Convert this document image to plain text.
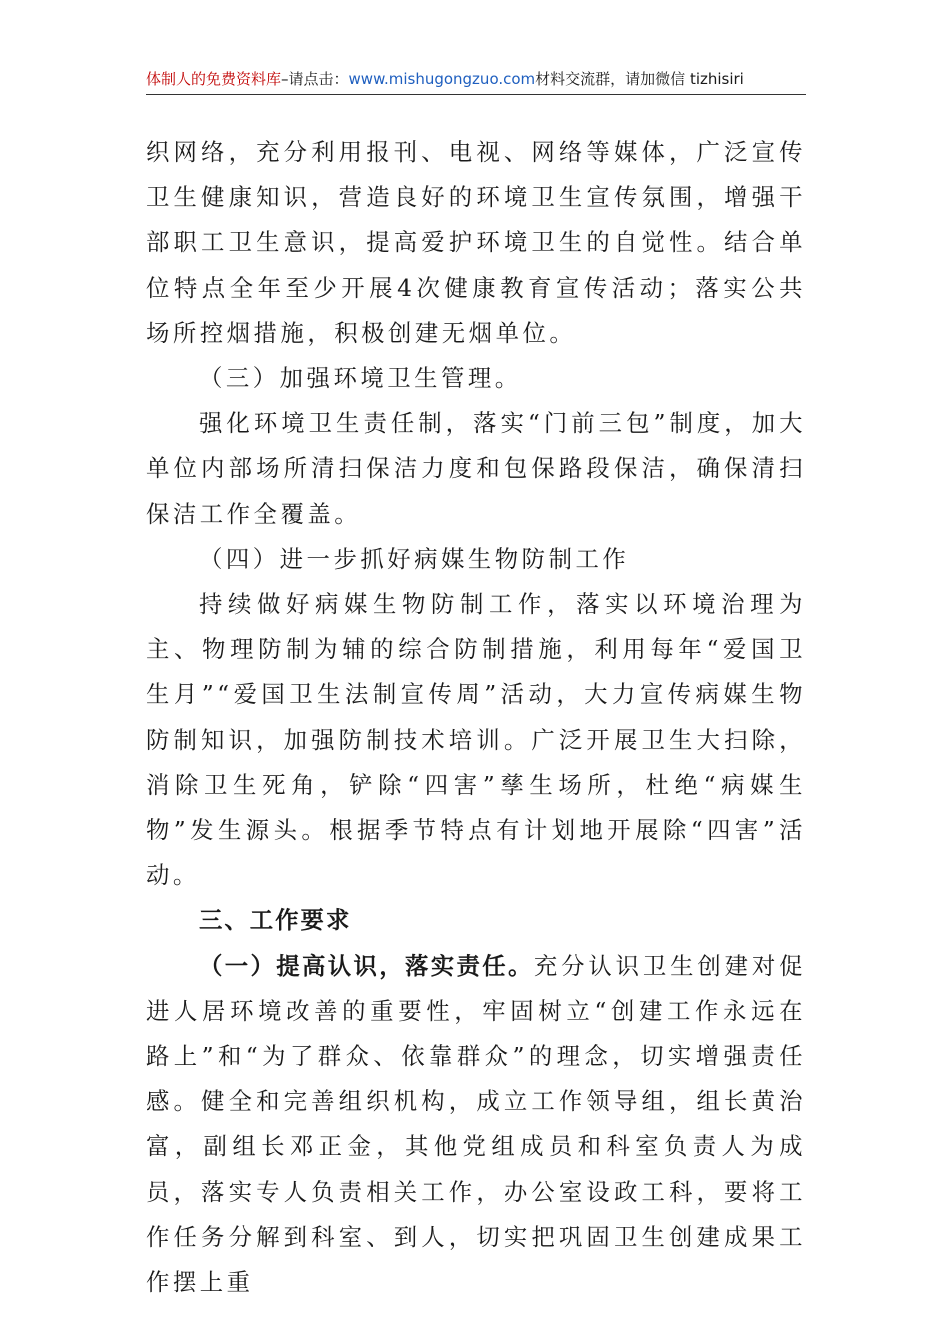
体制人的免费资料库–请点击：www.mishugongzuo.com材料交流群，请加微信 tizhisiri

织网络，充分利用报刊、电视、网络等媒体，广泛宣传卫生健康知识，营造良好的环境卫生宣传氛围，增强干部职工卫生意识，提高爱护环境卫生的自觉性。结合单位特点全年至少开展4次健康教育宣传活动；落实公共场所控烟措施，积极创建无烟单位。

（三）加强环境卫生管理。

强化环境卫生责任制，落实“门前三包”制度，加大单位内部场所清扫保洁力度和包保路段保洁，确保清扫保洁工作全覆盖。

（四）进一步抓好病媒生物防制工作

持续做好病媒生物防制工作，落实以环境治理为主、物理防制为辅的综合防制措施，利用每年“爱国卫生月”“爱国卫生法制宣传周”活动，大力宣传病媒生物防制知识，加强防制技术培训。广泛开展卫生大扫除，消除卫生死角，铲除“四害”孳生场所，杜绝“病媒生物”发生源头。根据季节特点有计划地开展除“四害”活动。

三、工作要求

（一）提高认识，落实责任。充分认识卫生创建对促进人居环境改善的重要性，牢固树立“创建工作永远在路上”和“为了群众、依靠群众”的理念，切实增强责任感。健全和完善组织机构，成立工作领导组，组长黄治富，副组长邓正金，其他党组成员和科室负责人为成员，落实专人负责相关工作，办公室设政工科，要将工作任务分解到科室、到人，切实把巩固卫生创建成果工作摆上重
